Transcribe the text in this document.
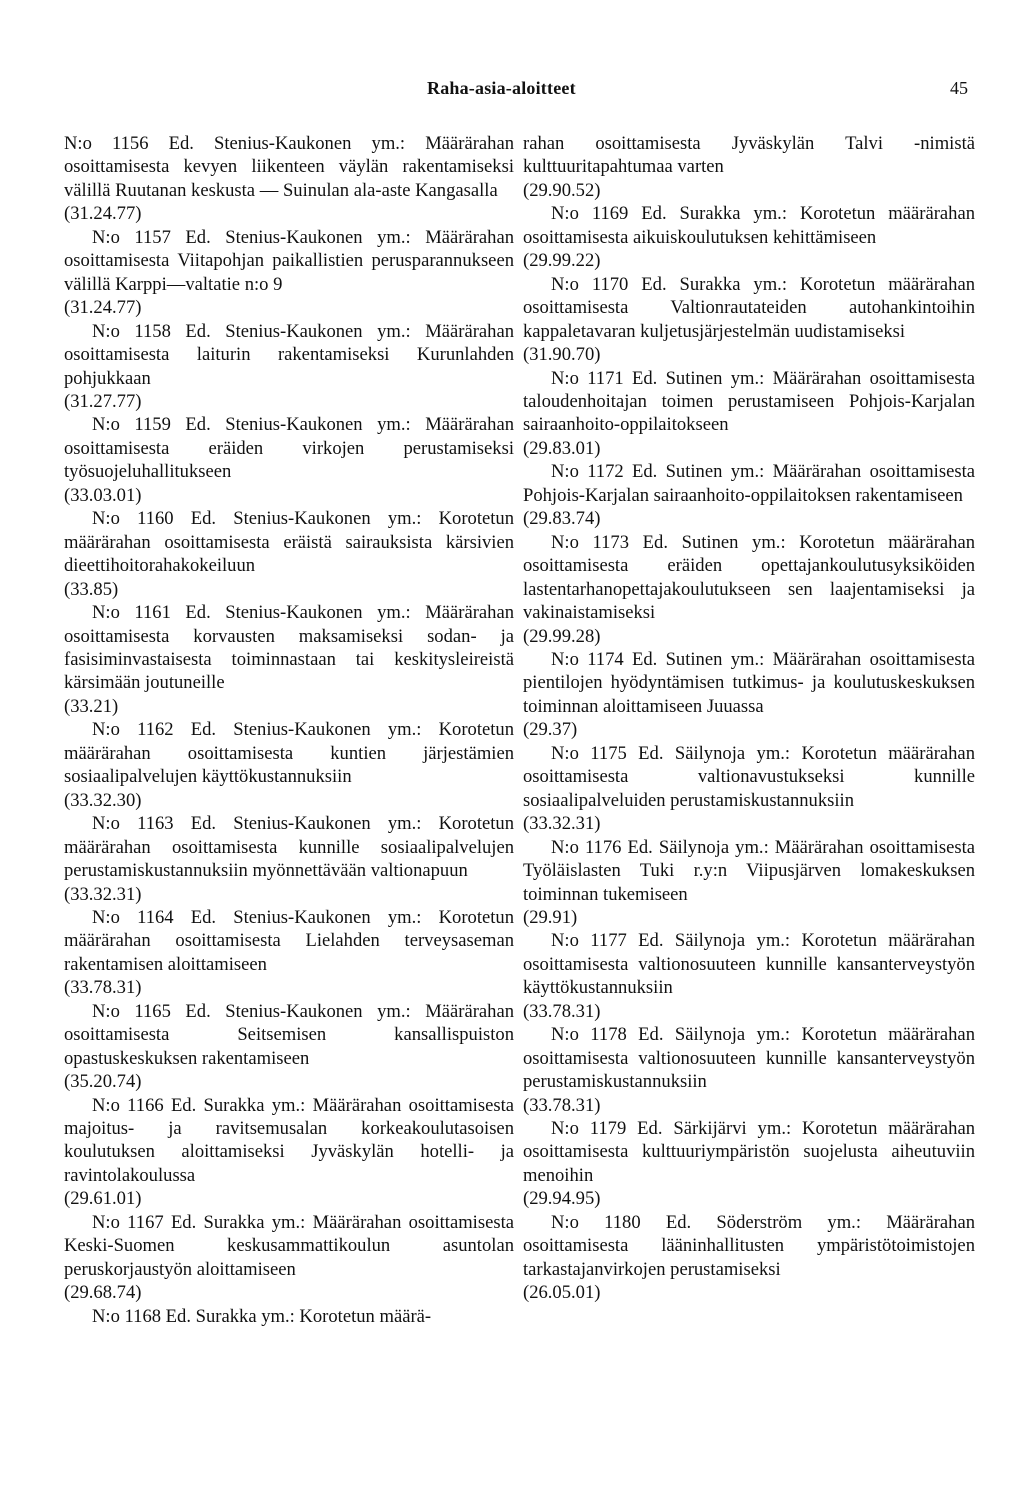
Raha-asia-aloitteet	45
N:o 1156 Ed. Stenius-Kaukonen ym.: Määrärahan osoittamisesta kevyen liikenteen väylän rakentamiseksi välillä Ruutanan keskusta — Suinulan ala-aste Kangasalla
(31.24.77)
N:o 1157 Ed. Stenius-Kaukonen ym.: Määrärahan osoittamisesta Viitapohjan paikallistien perusparannukseen välillä Karppi—valtatie n:o 9
(31.24.77)
N:o 1158 Ed. Stenius-Kaukonen ym.: Määrärahan osoittamisesta laiturin rakentamiseksi Kurunlahden pohjukkaan
(31.27.77)
N:o 1159 Ed. Stenius-Kaukonen ym.: Määrärahan osoittamisesta eräiden virkojen perustamiseksi työsuojeluhallitukseen
(33.03.01)
N:o 1160 Ed. Stenius-Kaukonen ym.: Korotetun määrärahan osoittamisesta eräistä sairauksista kärsivien dieettihoitorahakokeiluun
(33.85)
N:o 1161 Ed. Stenius-Kaukonen ym.: Määrärahan osoittamisesta korvausten maksamiseksi sodan- ja fasisiminvastaisesta toiminnastaan tai keskitysleireistä kärsimään joutuneille
(33.21)
N:o 1162 Ed. Stenius-Kaukonen ym.: Korotetun määrärahan osoittamisesta kuntien järjestämien sosiaalipalvelujen käyttökustannuksiin
(33.32.30)
N:o 1163 Ed. Stenius-Kaukonen ym.: Korotetun määrärahan osoittamisesta kunnille sosiaalipalvelujen perustamiskustannuksiin myönnettävään valtionapuun
(33.32.31)
N:o 1164 Ed. Stenius-Kaukonen ym.: Korotetun määrärahan osoittamisesta Lielahden terveysaseman rakentamisen aloittamiseen
(33.78.31)
N:o 1165 Ed. Stenius-Kaukonen ym.: Määrärahan osoittamisesta Seitsemisen kansallispuiston opastuskeskuksen rakentamiseen
(35.20.74)
N:o 1166 Ed. Surakka ym.: Määrärahan osoittamisesta majoitus- ja ravitsemusalan korkeakoulutasoisen koulutuksen aloittamiseksi Jyväskylän hotelli- ja ravintolakoulussa
(29.61.01)
N:o 1167 Ed. Surakka ym.: Määrärahan osoittamisesta Keski-Suomen keskusammattikoulun asuntolan peruskorjaustyön aloittamiseen
(29.68.74)
N:o 1168 Ed. Surakka ym.: Korotetun määrä-
rahan osoittamisesta Jyväskylän Talvi -nimistä kulttuuritapahtumaa varten
(29.90.52)
N:o 1169 Ed. Surakka ym.: Korotetun määrärahan osoittamisesta aikuiskoulutuksen kehittämiseen
(29.99.22)
N:o 1170 Ed. Surakka ym.: Korotetun määrärahan osoittamisesta Valtionrautateiden autohankintoihin kappaletavaran kuljetusjärjestelmän uudistamiseksi
(31.90.70)
N:o 1171 Ed. Sutinen ym.: Määrärahan osoittamisesta taloudenhoitajan toimen perustamiseen Pohjois-Karjalan sairaanhoito-oppilaitokseen
(29.83.01)
N:o 1172 Ed. Sutinen ym.: Määrärahan osoittamisesta Pohjois-Karjalan sairaanhoito-oppilaitoksen rakentamiseen
(29.83.74)
N:o 1173 Ed. Sutinen ym.: Korotetun määrärahan osoittamisesta eräiden opettajankoulutusyksiköiden lastentarhanopettajakoulutukseen sen laajentamiseksi ja vakinaistamiseksi
(29.99.28)
N:o 1174 Ed. Sutinen ym.: Määrärahan osoittamisesta pientilojen hyödyntämisen tutkimus- ja koulutuskeskuksen toiminnan aloittamiseen Juuassa
(29.37)
N:o 1175 Ed. Säilynoja ym.: Korotetun määrärahan osoittamisesta valtionavustukseksi kunnille sosiaalipalveluiden perustamiskustannuksiin
(33.32.31)
N:o 1176 Ed. Säilynoja ym.: Määrärahan osoittamisesta Työläislasten Tuki r.y:n Viipusjärven lomakeskuksen toiminnan tukemiseen
(29.91)
N:o 1177 Ed. Säilynoja ym.: Korotetun määrärahan osoittamisesta valtionosuuteen kunnille kansanterveystyön käyttökustannuksiin
(33.78.31)
N:o 1178 Ed. Säilynoja ym.: Korotetun määrärahan osoittamisesta valtionosuuteen kunnille kansanterveystyön perustamiskustannuksiin
(33.78.31)
N:o 1179 Ed. Särkijärvi ym.: Korotetun määrärahan osoittamisesta kulttuuriympäristön suojelusta aiheutuviin menoihin
(29.94.95)
N:o 1180 Ed. Söderström ym.: Määrärahan osoittamisesta lääninhallitusten ympäristötoimistojen tarkastajanvirkojen perustamiseksi
(26.05.01)
